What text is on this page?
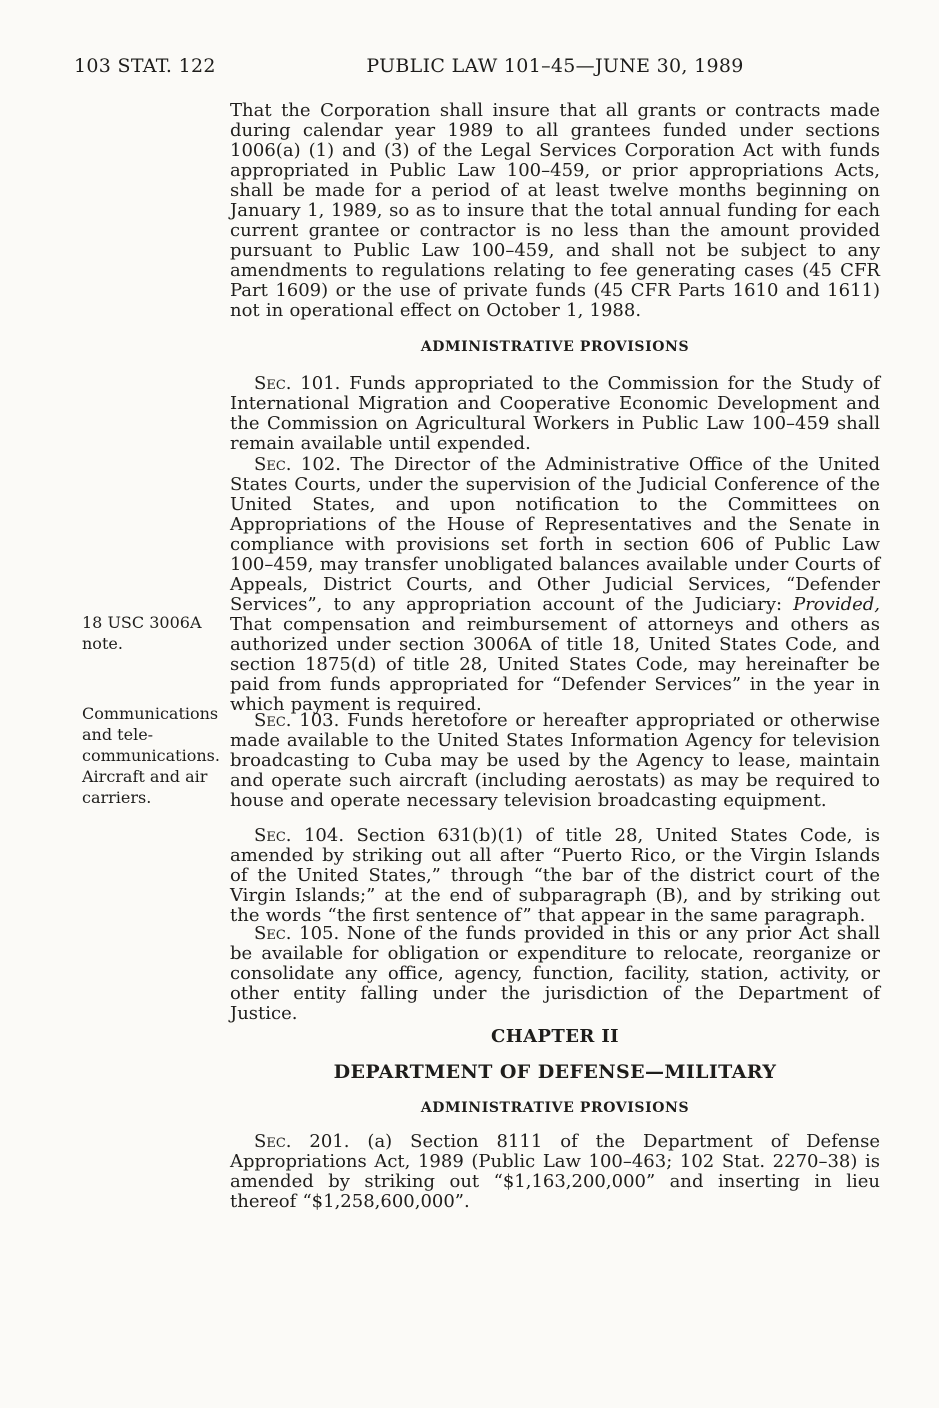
103 STAT. 122	PUBLIC LAW 101–45—JUNE 30, 1989
18 USC 3006A
note.
Communications
and tele-
communications.
Aircraft and air
carriers.

That the Corporation shall insure that all grants or contracts made during calendar year 1989 to all grantees funded under sections 1006(a) (1) and (3) of the Legal Services Corporation Act with funds appropriated in Public Law 100–459, or prior appropriations Acts, shall be made for a period of at least twelve months beginning on January 1, 1989, so as to insure that the total annual funding for each current grantee or contractor is no less than the amount provided pursuant to Public Law 100–459, and shall not be subject to any amendments to regulations relating to fee generating cases (45 CFR Part 1609) or the use of private funds (45 CFR Parts 1610 and 1611) not in operational effect on October 1, 1988.

ADMINISTRATIVE PROVISIONS

Sec. 101. Funds appropriated to the Commission for the Study of International Migration and Cooperative Economic Development and the Commission on Agricultural Workers in Public Law 100–459 shall remain available until expended.

Sec. 102. The Director of the Administrative Office of the United States Courts, under the supervision of the Judicial Conference of the United States, and upon notification to the Committees on Appropriations of the House of Representatives and the Senate in compliance with provisions set forth in section 606 of Public Law 100–459, may transfer unobligated balances available under Courts of Appeals, District Courts, and Other Judicial Services, “Defender Services”, to any appropriation account of the Judiciary: Provided, That compensation and reimbursement of attorneys and others as authorized under section 3006A of title 18, United States Code, and section 1875(d) of title 28, United States Code, may hereinafter be paid from funds appropriated for “Defender Services” in the year in which payment is required.

Sec. 103. Funds heretofore or hereafter appropriated or otherwise made available to the United States Information Agency for television broadcasting to Cuba may be used by the Agency to lease, maintain and operate such aircraft (including aerostats) as may be required to house and operate necessary television broadcasting equipment.

Sec. 104. Section 631(b)(1) of title 28, United States Code, is amended by striking out all after “Puerto Rico, or the Virgin Islands of the United States,” through “the bar of the district court of the Virgin Islands;” at the end of subparagraph (B), and by striking out the words “the first sentence of” that appear in the same paragraph.

Sec. 105. None of the funds provided in this or any prior Act shall be available for obligation or expenditure to relocate, reorganize or consolidate any office, agency, function, facility, station, activity, or other entity falling under the jurisdiction of the Department of Justice.

CHAPTER II
DEPARTMENT OF DEFENSE—MILITARY
ADMINISTRATIVE PROVISIONS

Sec. 201. (a) Section 8111 of the Department of Defense Appropriations Act, 1989 (Public Law 100–463; 102 Stat. 2270–38) is amended by striking out “$1,163,200,000” and inserting in lieu thereof “$1,258,600,000”.
